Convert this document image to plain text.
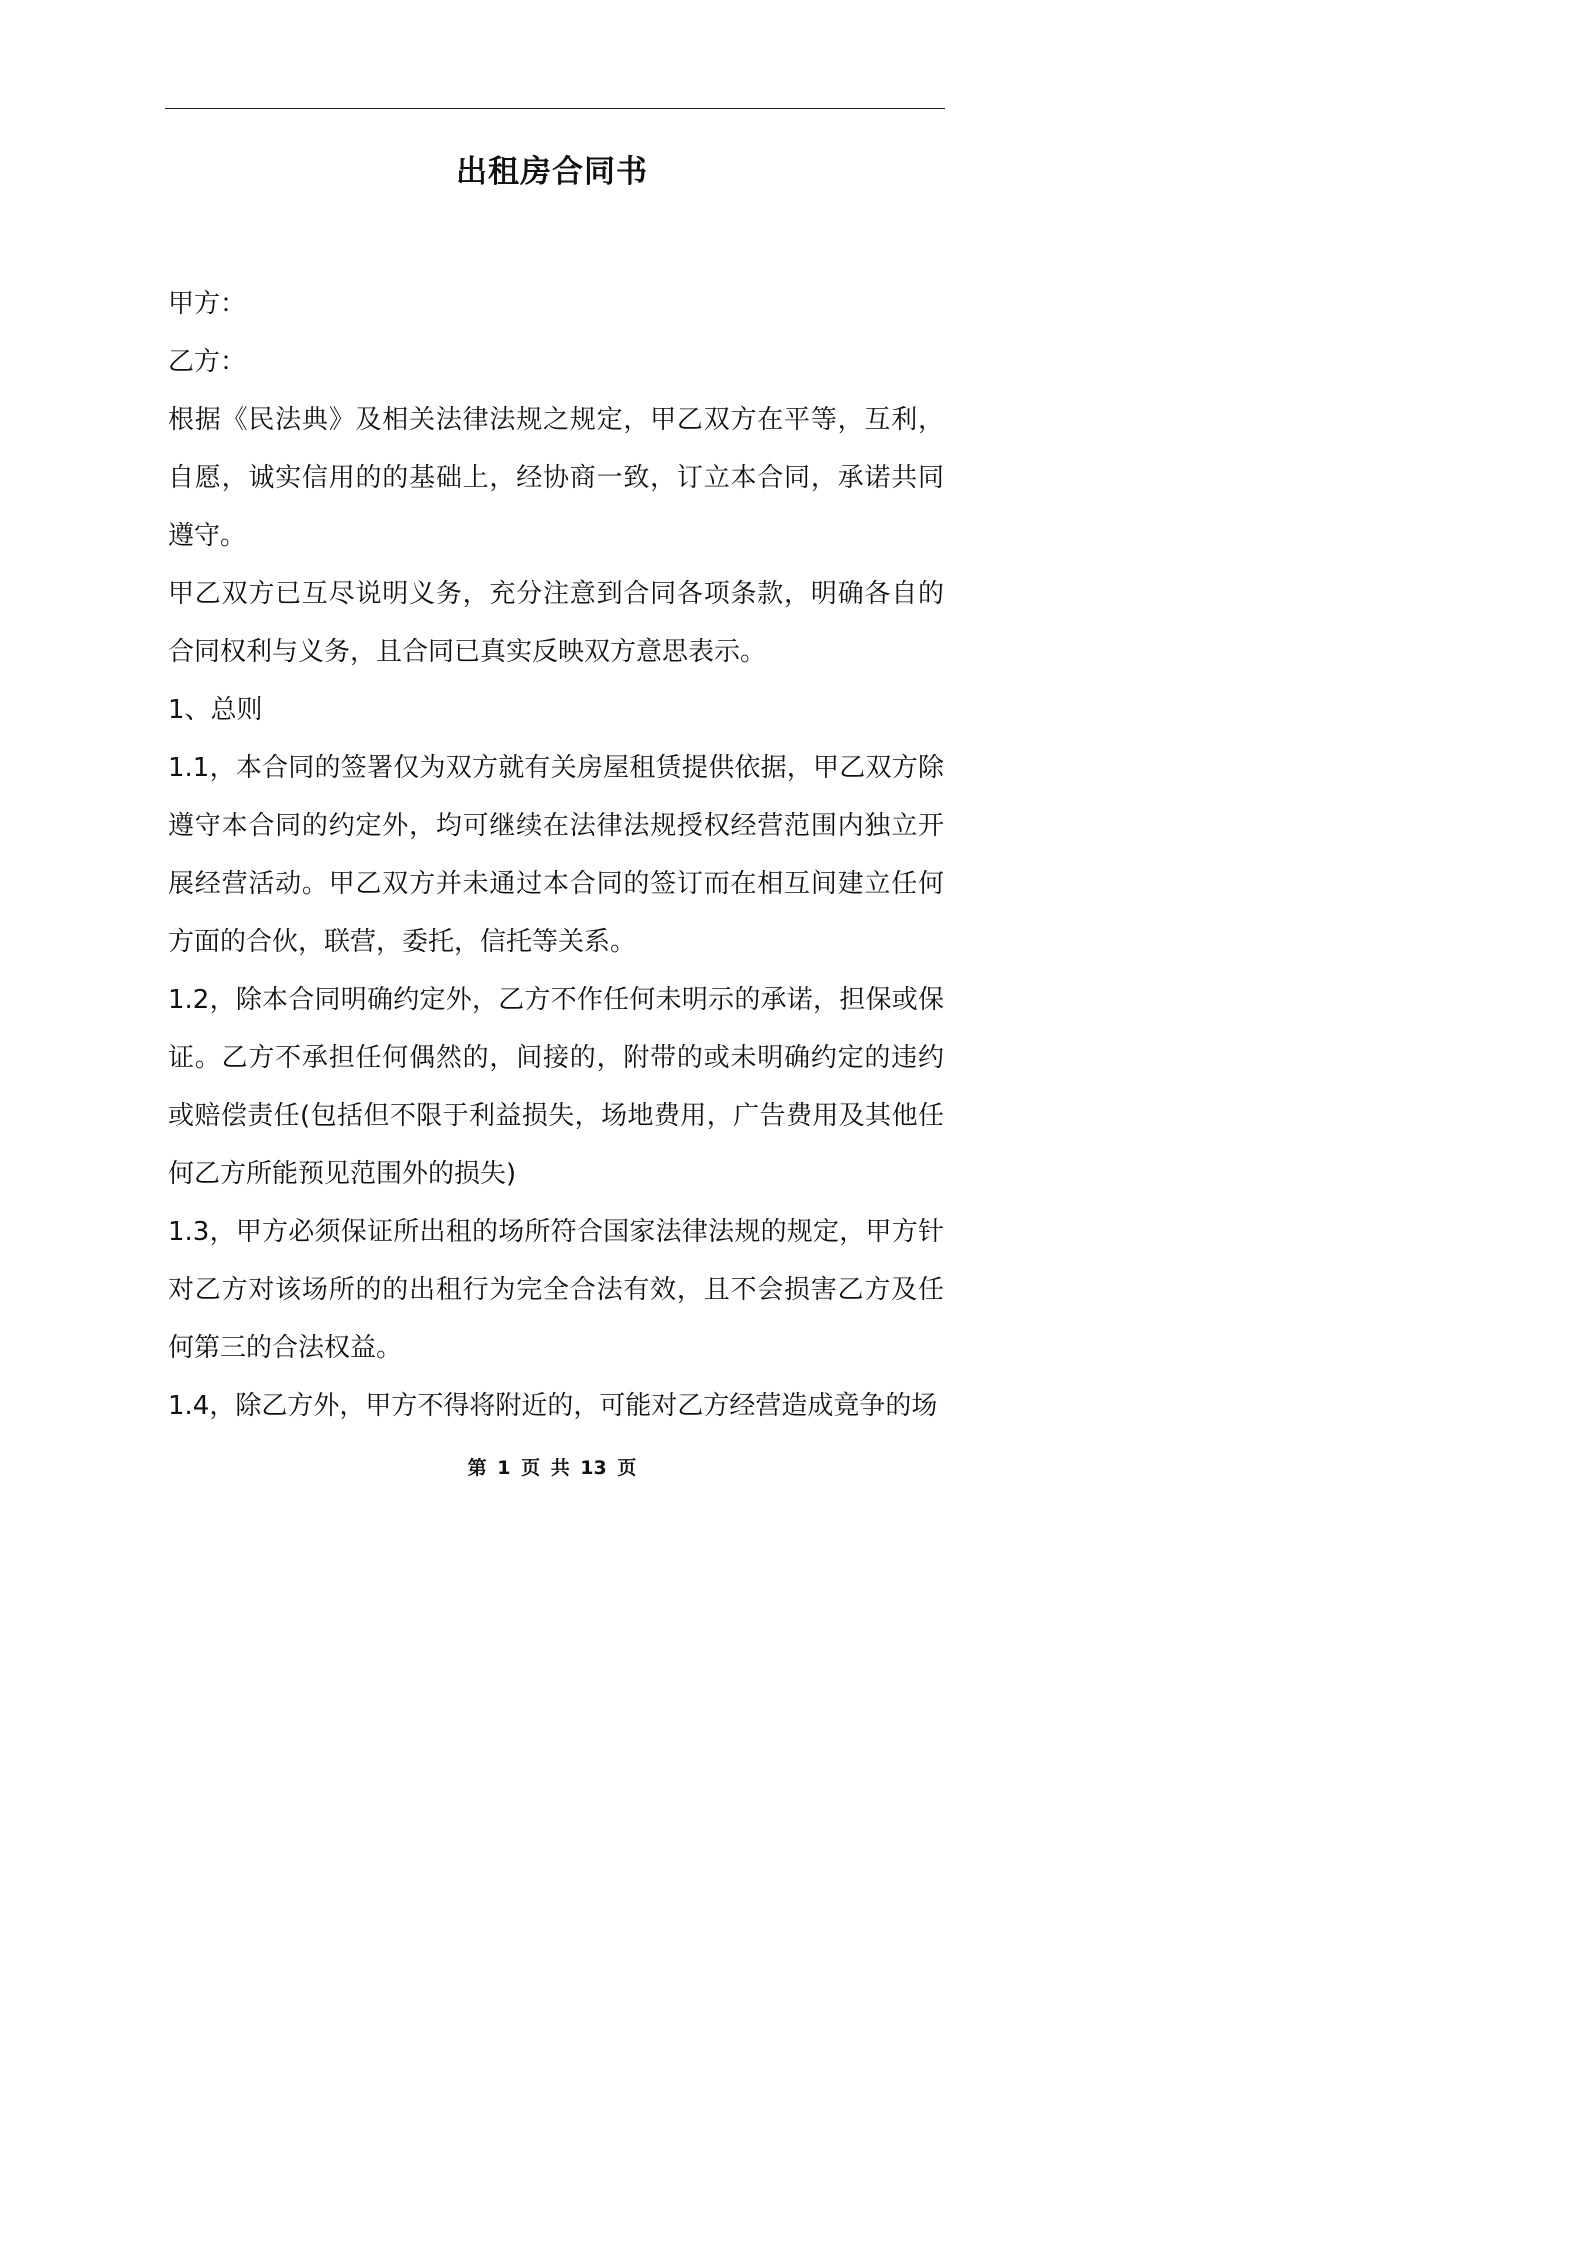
出租房合同书

甲方：

乙方：

根据《民法典》及相关法律法规之规定，甲乙双方在平等，互利，自愿，诚实信用的的基础上，经协商一致，订立本合同，承诺共同遵守。

甲乙双方已互尽说明义务，充分注意到合同各项条款，明确各自的合同权利与义务，且合同已真实反映双方意思表示。

1、总则

1.1，本合同的签署仅为双方就有关房屋租赁提供依据，甲乙双方除遵守本合同的约定外，均可继续在法律法规授权经营范围内独立开展经营活动。甲乙双方并未通过本合同的签订而在相互间建立任何方面的合伙，联营，委托，信托等关系。

1.2，除本合同明确约定外，乙方不作任何未明示的承诺，担保或保证。乙方不承担任何偶然的，间接的，附带的或未明确约定的违约或赔偿责任(包括但不限于利益损失，场地费用，广告费用及其他任何乙方所能预见范围外的损失)

1.3，甲方必须保证所出租的场所符合国家法律法规的规定，甲方针对乙方对该场所的的出租行为完全合法有效，且不会损害乙方及任何第三的合法权益。

1.4，除乙方外，甲方不得将附近的，可能对乙方经营造成竟争的场

第 1 页 共 13 页
